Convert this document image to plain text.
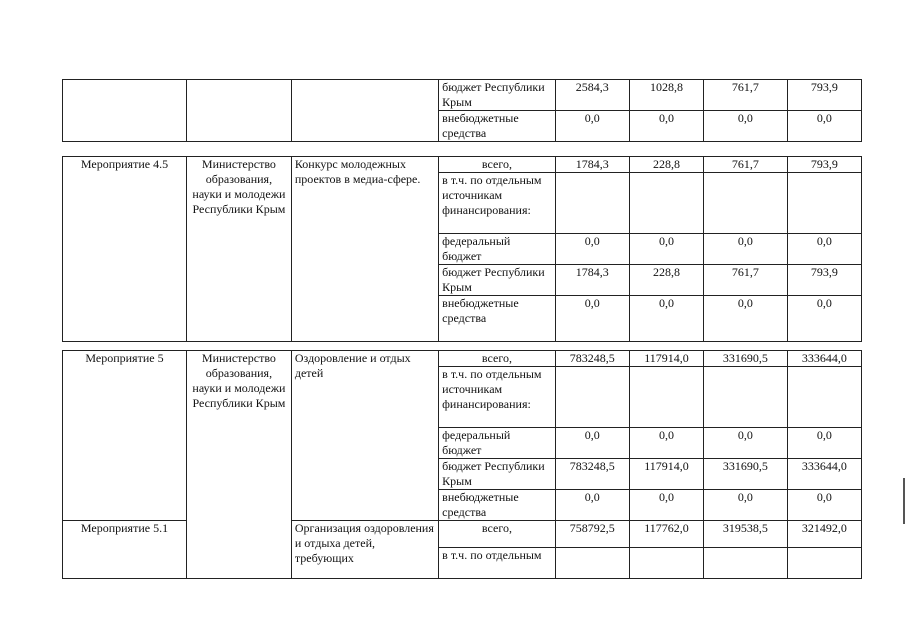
			бюджет Республики Крым	2584,3	1028,8	761,7	793,9
			внебюджетные средства	0,0	0,0	0,0	0,0
Мероприятие 4.5	Министерство образования, науки и молодежи Республики Крым	Конкурс молодежных проектов в медиа-сфере.	всего,	1784,3	228,8	761,7	793,9
			в т.ч. по отдельным источникам финансирования:				
			федеральный бюджет	0,0	0,0	0,0	0,0
			бюджет Республики Крым	1784,3	228,8	761,7	793,9
			внебюджетные средства	0,0	0,0	0,0	0,0
Мероприятие 5	Министерство образования, науки и молодежи Республики Крым	Оздоровление и отдых детей	всего,	783248,5	117914,0	331690,5	333644,0
			в т.ч. по отдельным источникам финансирования:				
			федеральный бюджет	0,0	0,0	0,0	0,0
			бюджет Республики Крым	783248,5	117914,0	331690,5	333644,0
			внебюджетные средства	0,0	0,0	0,0	0,0
Мероприятие 5.1		Организация оздоровления и отдыха детей, требующих	всего,	758792,5	117762,0	319538,5	321492,0
			в т.ч. по отдельным				
